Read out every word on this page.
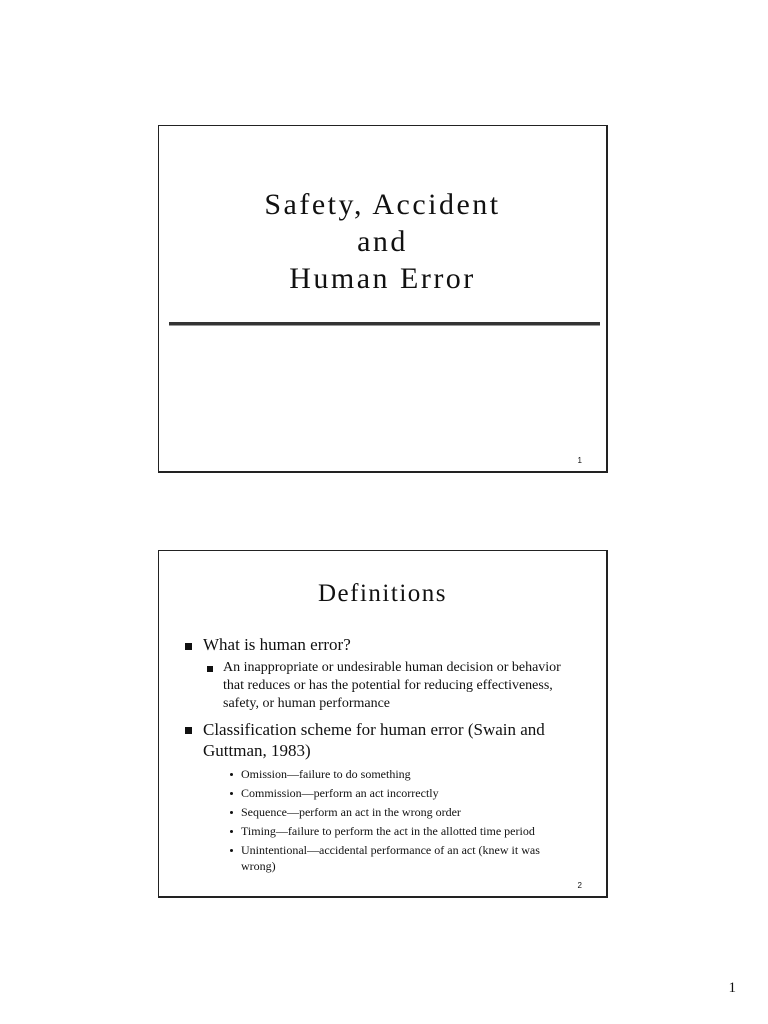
Safety, Accident
and
Human Error
1
Definitions
What is human error?
An inappropriate or undesirable human decision or behavior that reduces or has the potential for reducing effectiveness, safety, or human performance
Classification scheme for human error (Swain and Guttman, 1983)
Omission—failure to do something
Commission—perform an act incorrectly
Sequence—perform an act in the wrong order
Timing—failure to perform the act in the allotted time period
Unintentional—accidental performance of an act (knew it was wrong)
2
1
